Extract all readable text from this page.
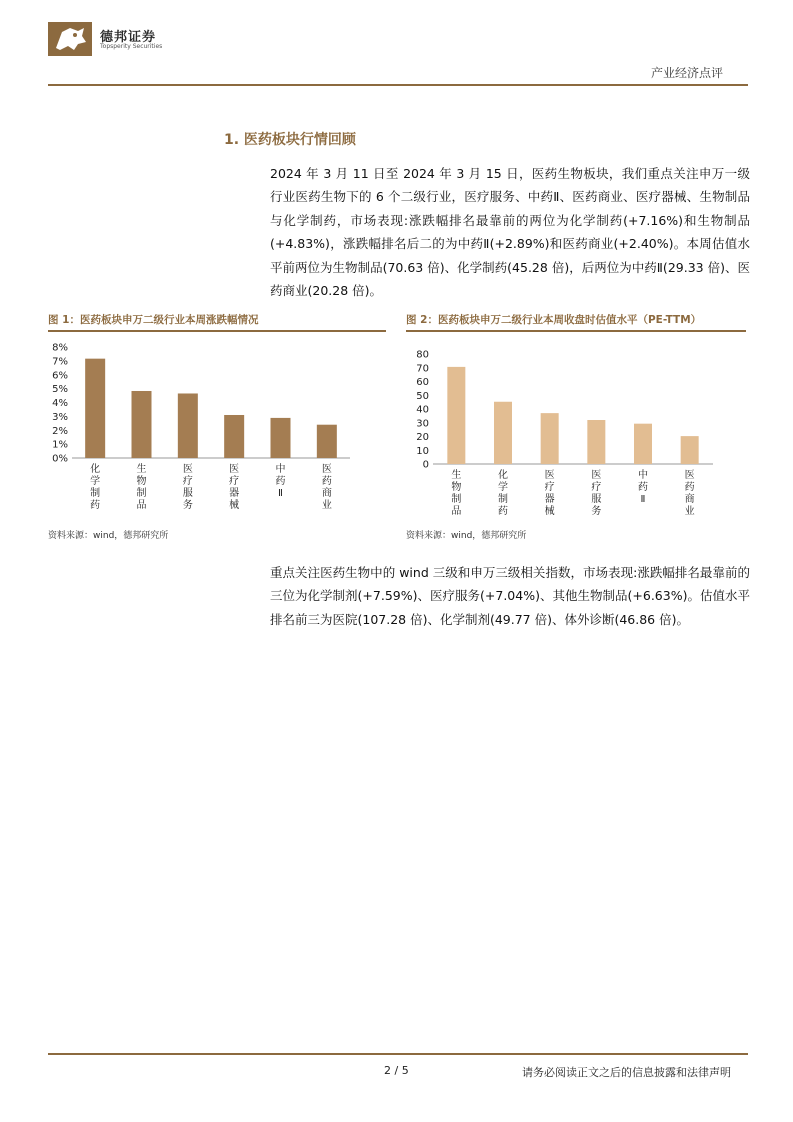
德邦证券
Topsperity Securities
产业经济点评
1. 医药板块行情回顾
2024 年 3 月 11 日至 2024 年 3 月 15 日，医药生物板块，我们重点关注申万一级行业医药生物下的 6 个二级行业，医疗服务、中药Ⅱ、医药商业、医疗器械、生物制品与化学制药，市场表现:涨跌幅排名最靠前的两位为化学制药(+7.16%)和生物制品(+4.83%)，涨跌幅排名后二的为中药Ⅱ(+2.89%)和医药商业(+2.40%)。本周估值水平前两位为生物制品(70.63 倍)、化学制药(45.28 倍)，后两位为中药Ⅱ(29.33 倍)、医药商业(20.28 倍)。
图 1：医药板块申万二级行业本周涨跌幅情况
0%
1%
2%
3%
4%
5%
6%
7%
8%
化学制药
生物制品
医疗服务
医疗器械
中药 Ⅱ
医药商业
资料来源：wind，德邦研究所
图 2：医药板块申万二级行业本周收盘时估值水平（PE-TTM）
0
10
20
30
40
50
60
70
80
生物制品
化学制药
医疗器械
医疗服务
中药 Ⅱ
医药商业
资料来源：wind，德邦研究所
重点关注医药生物中的 wind 三级和申万三级相关指数，市场表现:涨跌幅排名最靠前的三位为化学制剂(+7.59%)、医疗服务(+7.04%)、其他生物制品(+6.63%)。估值水平排名前三为医院(107.28 倍)、化学制剂(49.77 倍)、体外诊断(46.86 倍)。
2 / 5	请务必阅读正文之后的信息披露和法律声明
